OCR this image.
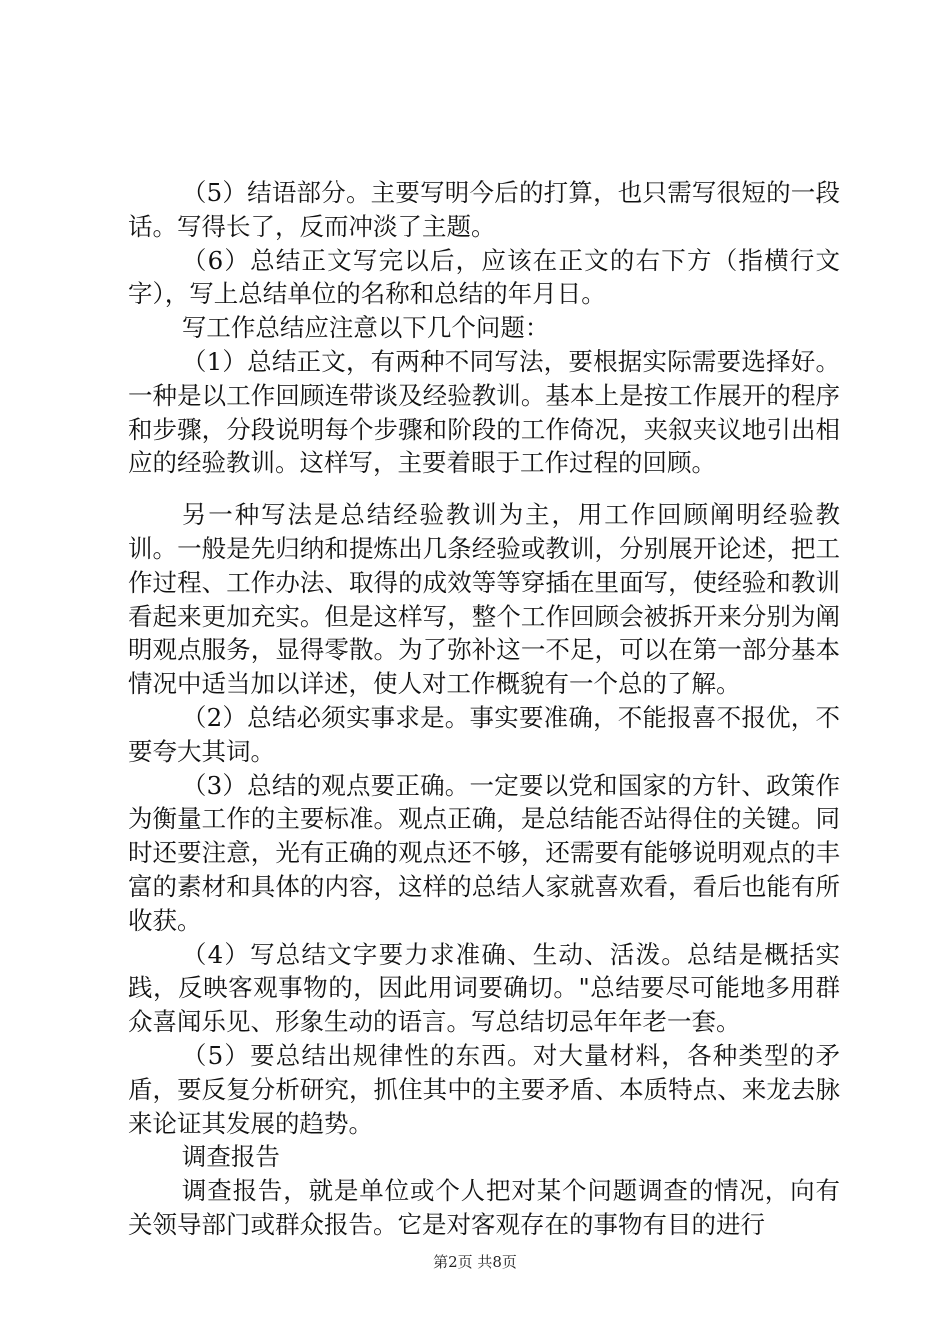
（5）结语部分。主要写明今后的打算，也只需写很短的一段话。写得长了，反而冲淡了主题。

（6）总结正文写完以后，应该在正文的右下方（指横行文字），写上总结单位的名称和总结的年月日。

写工作总结应注意以下几个问题：

（1）总结正文，有两种不同写法，要根据实际需要选择好。一种是以工作回顾连带谈及经验教训。基本上是按工作展开的程序和步骤，分段说明每个步骤和阶段的工作倚况，夹叙夹议地引出相应的经验教训。这样写，主要着眼于工作过程的回顾。

另一种写法是总结经验教训为主，用工作回顾阐明经验教训。一般是先归纳和提炼出几条经验或教训，分别展开论述，把工作过程、工作办法、取得的成效等等穿插在里面写，使经验和教训看起来更加充实。但是这样写，整个工作回顾会被拆开来分别为阐明观点服务，显得零散。为了弥补这一不足，可以在第一部分基本情况中适当加以详述，使人对工作概貌有一个总的了解。

（2）总结必须实事求是。事实要准确，不能报喜不报优，不要夸大其词。

（3）总结的观点要正确。一定要以党和国家的方针、政策作为衡量工作的主要标准。观点正确，是总结能否站得住的关键。同时还要注意，光有正确的观点还不够，还需要有能够说明观点的丰富的素材和具体的内容，这样的总结人家就喜欢看，看后也能有所收获。

（4）写总结文字要力求准确、生动、活泼。总结是概括实践，反映客观事物的，因此用词要确切。"总结要尽可能地多用群众喜闻乐见、形象生动的语言。写总结切忌年年老一套。

（5）要总结出规律性的东西。对大量材料，各种类型的矛盾，要反复分析研究，抓住其中的主要矛盾、本质特点、来龙去脉来论证其发展的趋势。

调查报告

调查报告，就是单位或个人把对某个问题调查的情况，向有关领导部门或群众报告。它是对客观存在的事物有目的进行

第2页 共8页
